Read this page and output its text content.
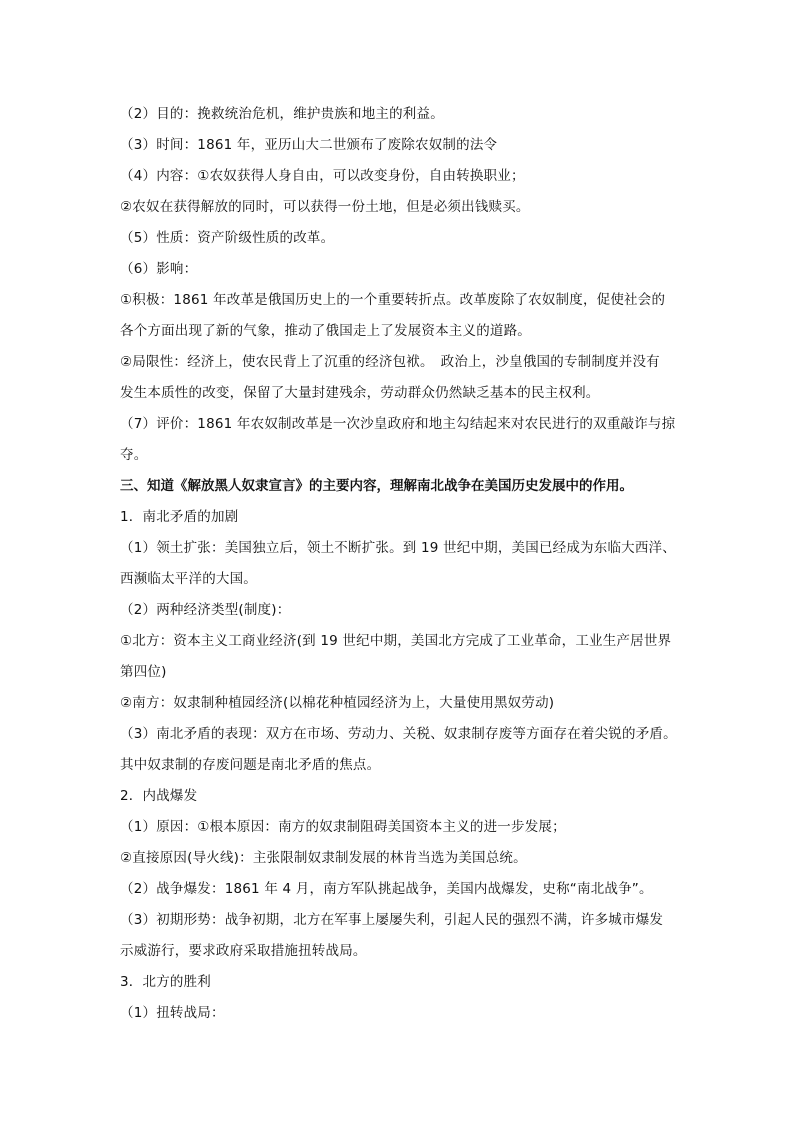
（2）目的：挽救统治危机，维护贵族和地主的利益。
（3）时间：1861 年，亚历山大二世颁布了废除农奴制的法令
（4）内容：①农奴获得人身自由，可以改变身份，自由转换职业；
②农奴在获得解放的同时，可以获得一份土地，但是必须出钱赎买。
（5）性质：资产阶级性质的改革。
（6）影响：
①积极：1861 年改革是俄国历史上的一个重要转折点。改革废除了农奴制度，促使社会的
各个方面出现了新的气象，推动了俄国走上了发展资本主义的道路。
②局限性：经济上，使农民背上了沉重的经济包袱。　政治上，沙皇俄国的专制制度并没有
发生本质性的改变，保留了大量封建残余，劳动群众仍然缺乏基本的民主权利。
（7）评价：1861 年农奴制改革是一次沙皇政府和地主勾结起来对农民进行的双重敲诈与掠
夺。
三、知道《解放黑人奴隶宣言》的主要内容，理解南北战争在美国历史发展中的作用。
1．南北矛盾的加剧
（1）领土扩张：美国独立后，领土不断扩张。到 19 世纪中期，美国已经成为东临大西洋、
西濒临太平洋的大国。
（2）两种经济类型(制度)：
①北方：资本主义工商业经济(到 19 世纪中期，美国北方完成了工业革命，工业生产居世界
第四位)
②南方：奴隶制种植园经济(以棉花种植园经济为上，大量使用黑奴劳动)
（3）南北矛盾的表现：双方在市场、劳动力、关税、奴隶制存废等方面存在着尖锐的矛盾。
其中奴隶制的存废问题是南北矛盾的焦点。
2．内战爆发
（1）原因：①根本原因：南方的奴隶制阻碍美国资本主义的进一步发展；
②直接原因(导火线)：主张限制奴隶制发展的林肯当选为美国总统。
（2）战争爆发：1861 年 4 月，南方军队挑起战争，美国内战爆发，史称“南北战争”。
（3）初期形势：战争初期，北方在军事上屡屡失利，引起人民的强烈不满，许多城市爆发
示威游行，要求政府采取措施扭转战局。
3．北方的胜利
（1）扭转战局：
